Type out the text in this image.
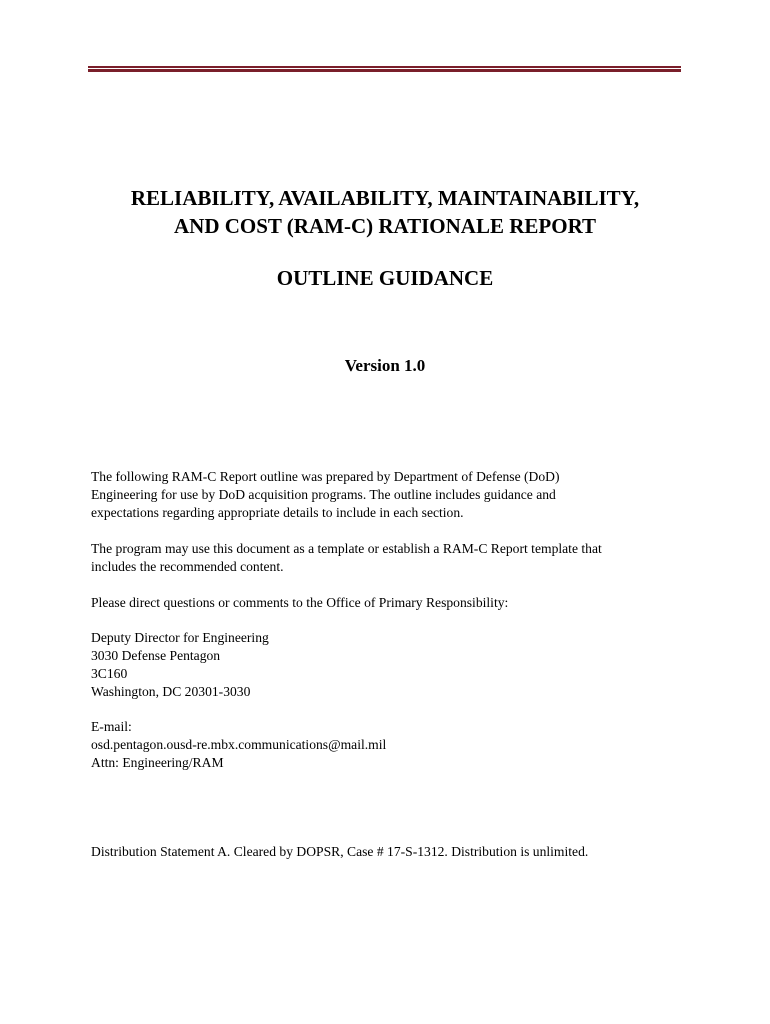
RELIABILITY, AVAILABILITY, MAINTAINABILITY,
AND COST (RAM-C) RATIONALE REPORT
OUTLINE GUIDANCE
Version 1.0

The following RAM-C Report outline was prepared by Department of Defense (DoD)
Engineering for use by DoD acquisition programs. The outline includes guidance and
expectations regarding appropriate details to include in each section.

The program may use this document as a template or establish a RAM-C Report template that
includes the recommended content.

Please direct questions or comments to the Office of Primary Responsibility:

Deputy Director for Engineering
3030 Defense Pentagon
3C160
Washington, DC 20301-3030

E-mail:
osd.pentagon.ousd-re.mbx.communications@mail.mil
Attn: Engineering/RAM

Distribution Statement A. Cleared by DOPSR, Case # 17-S-1312. Distribution is unlimited.
